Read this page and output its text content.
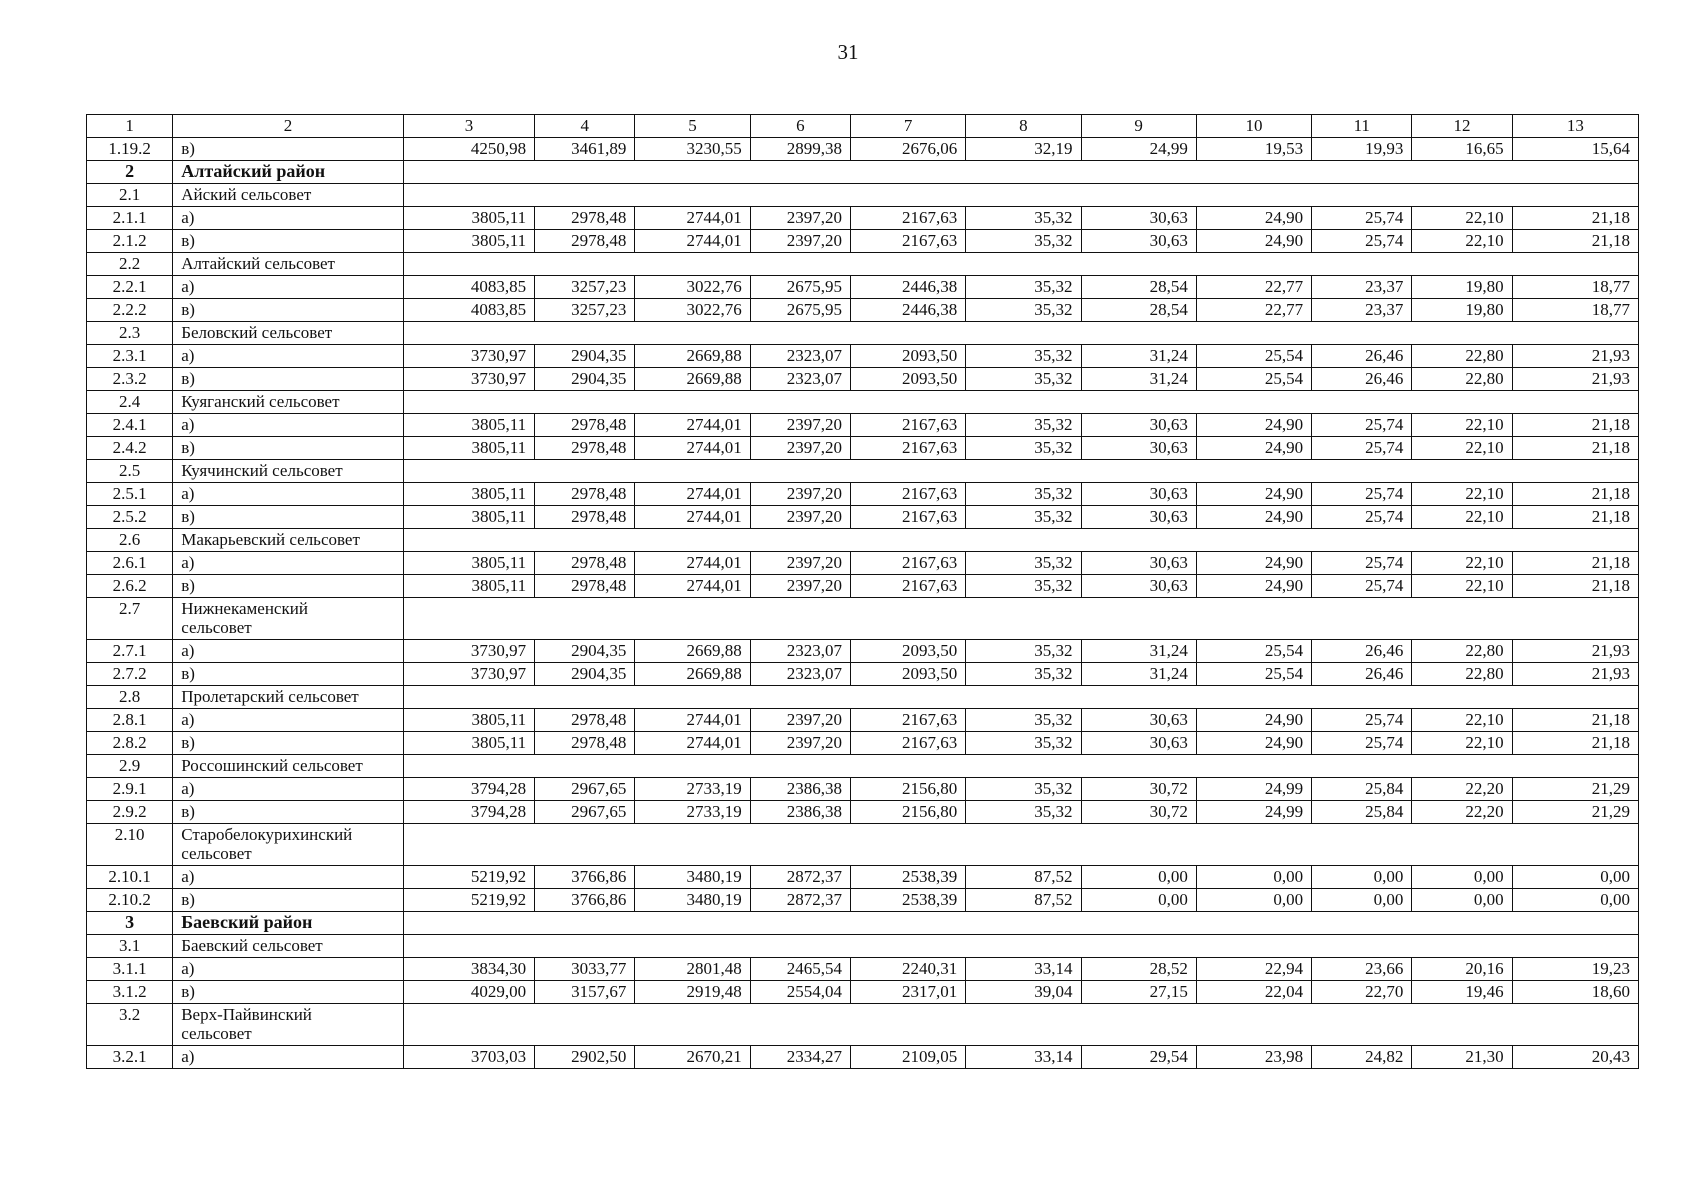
31
1	2	3	4	5	6	7	8	9	10	11	12	13
1.19.2	в)	4250,98	3461,89	3230,55	2899,38	2676,06	32,19	24,99	19,53	19,93	16,65	15,64
2	Алтайский район											
2.1	Айский сельсовет											
2.1.1	а)	3805,11	2978,48	2744,01	2397,20	2167,63	35,32	30,63	24,90	25,74	22,10	21,18
2.1.2	в)	3805,11	2978,48	2744,01	2397,20	2167,63	35,32	30,63	24,90	25,74	22,10	21,18
2.2	Алтайский сельсовет											
2.2.1	а)	4083,85	3257,23	3022,76	2675,95	2446,38	35,32	28,54	22,77	23,37	19,80	18,77
2.2.2	в)	4083,85	3257,23	3022,76	2675,95	2446,38	35,32	28,54	22,77	23,37	19,80	18,77
2.3	Беловский сельсовет											
2.3.1	а)	3730,97	2904,35	2669,88	2323,07	2093,50	35,32	31,24	25,54	26,46	22,80	21,93
2.3.2	в)	3730,97	2904,35	2669,88	2323,07	2093,50	35,32	31,24	25,54	26,46	22,80	21,93
2.4	Куяганский сельсовет											
2.4.1	а)	3805,11	2978,48	2744,01	2397,20	2167,63	35,32	30,63	24,90	25,74	22,10	21,18
2.4.2	в)	3805,11	2978,48	2744,01	2397,20	2167,63	35,32	30,63	24,90	25,74	22,10	21,18
2.5	Куячинский сельсовет											
2.5.1	а)	3805,11	2978,48	2744,01	2397,20	2167,63	35,32	30,63	24,90	25,74	22,10	21,18
2.5.2	в)	3805,11	2978,48	2744,01	2397,20	2167,63	35,32	30,63	24,90	25,74	22,10	21,18
2.6	Макарьевский сельсовет											
2.6.1	а)	3805,11	2978,48	2744,01	2397,20	2167,63	35,32	30,63	24,90	25,74	22,10	21,18
2.6.2	в)	3805,11	2978,48	2744,01	2397,20	2167,63	35,32	30,63	24,90	25,74	22,10	21,18
2.7	Нижнекаменский
сельсовет											

2.7.1	а)	3730,97	2904,35	2669,88	2323,07	2093,50	35,32	31,24	25,54	26,46	22,80	21,93
2.7.2	в)	3730,97	2904,35	2669,88	2323,07	2093,50	35,32	31,24	25,54	26,46	22,80	21,93
2.8	Пролетарский сельсовет											
2.8.1	а)	3805,11	2978,48	2744,01	2397,20	2167,63	35,32	30,63	24,90	25,74	22,10	21,18
2.8.2	в)	3805,11	2978,48	2744,01	2397,20	2167,63	35,32	30,63	24,90	25,74	22,10	21,18
2.9	Россошинский сельсовет											
2.9.1	а)	3794,28	2967,65	2733,19	2386,38	2156,80	35,32	30,72	24,99	25,84	22,20	21,29
2.9.2	в)	3794,28	2967,65	2733,19	2386,38	2156,80	35,32	30,72	24,99	25,84	22,20	21,29
2.10	Старобелокурихинский
сельсовет											

2.10.1	а)	5219,92	3766,86	3480,19	2872,37	2538,39	87,52	0,00	0,00	0,00	0,00	0,00
2.10.2	в)	5219,92	3766,86	3480,19	2872,37	2538,39	87,52	0,00	0,00	0,00	0,00	0,00
3	Баевский район											
3.1	Баевский сельсовет											
3.1.1	а)	3834,30	3033,77	2801,48	2465,54	2240,31	33,14	28,52	22,94	23,66	20,16	19,23
3.1.2	в)	4029,00	3157,67	2919,48	2554,04	2317,01	39,04	27,15	22,04	22,70	19,46	18,60
3.2	Верх-Пайвинский
сельсовет											

3.2.1	а)	3703,03	2902,50	2670,21	2334,27	2109,05	33,14	29,54	23,98	24,82	21,30	20,43
